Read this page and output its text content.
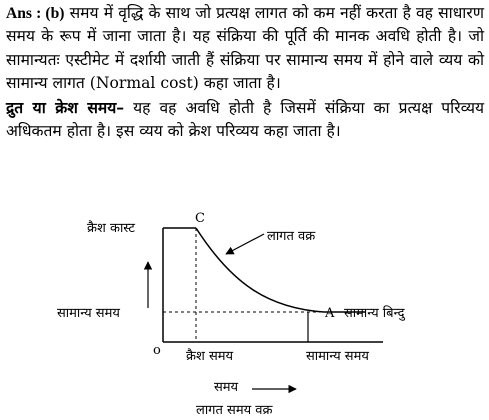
Ans : (b) समय में वृद्धि के साथ जो प्रत्यक्ष लागत को कम नहीं करता है वह साधारण समय के रूप में जाना जाता है। यह संक्रिया की पूर्ति की मानक अवधि होती है। जो सामान्यतः एस्टीमेट में दर्शायी जाती हैं संक्रिया पर सामान्य समय में होने वाले व्यय को सामान्य लागत (Normal cost) कहा जाता है।

द्रुत या क्रेश समय– यह वह अवधि होती है जिसमें संक्रिया का प्रत्यक्ष परिव्यय अधिकतम होता है। इस व्यय को क्रेश परिव्यय कहा जाता है।

C
A
o
क्रैश कास्ट
सामान्य समय
लागत वक्र
सामान्य बिन्दु
क्रैश समय	सामान्य समय
समय
लागत समय वक्र
